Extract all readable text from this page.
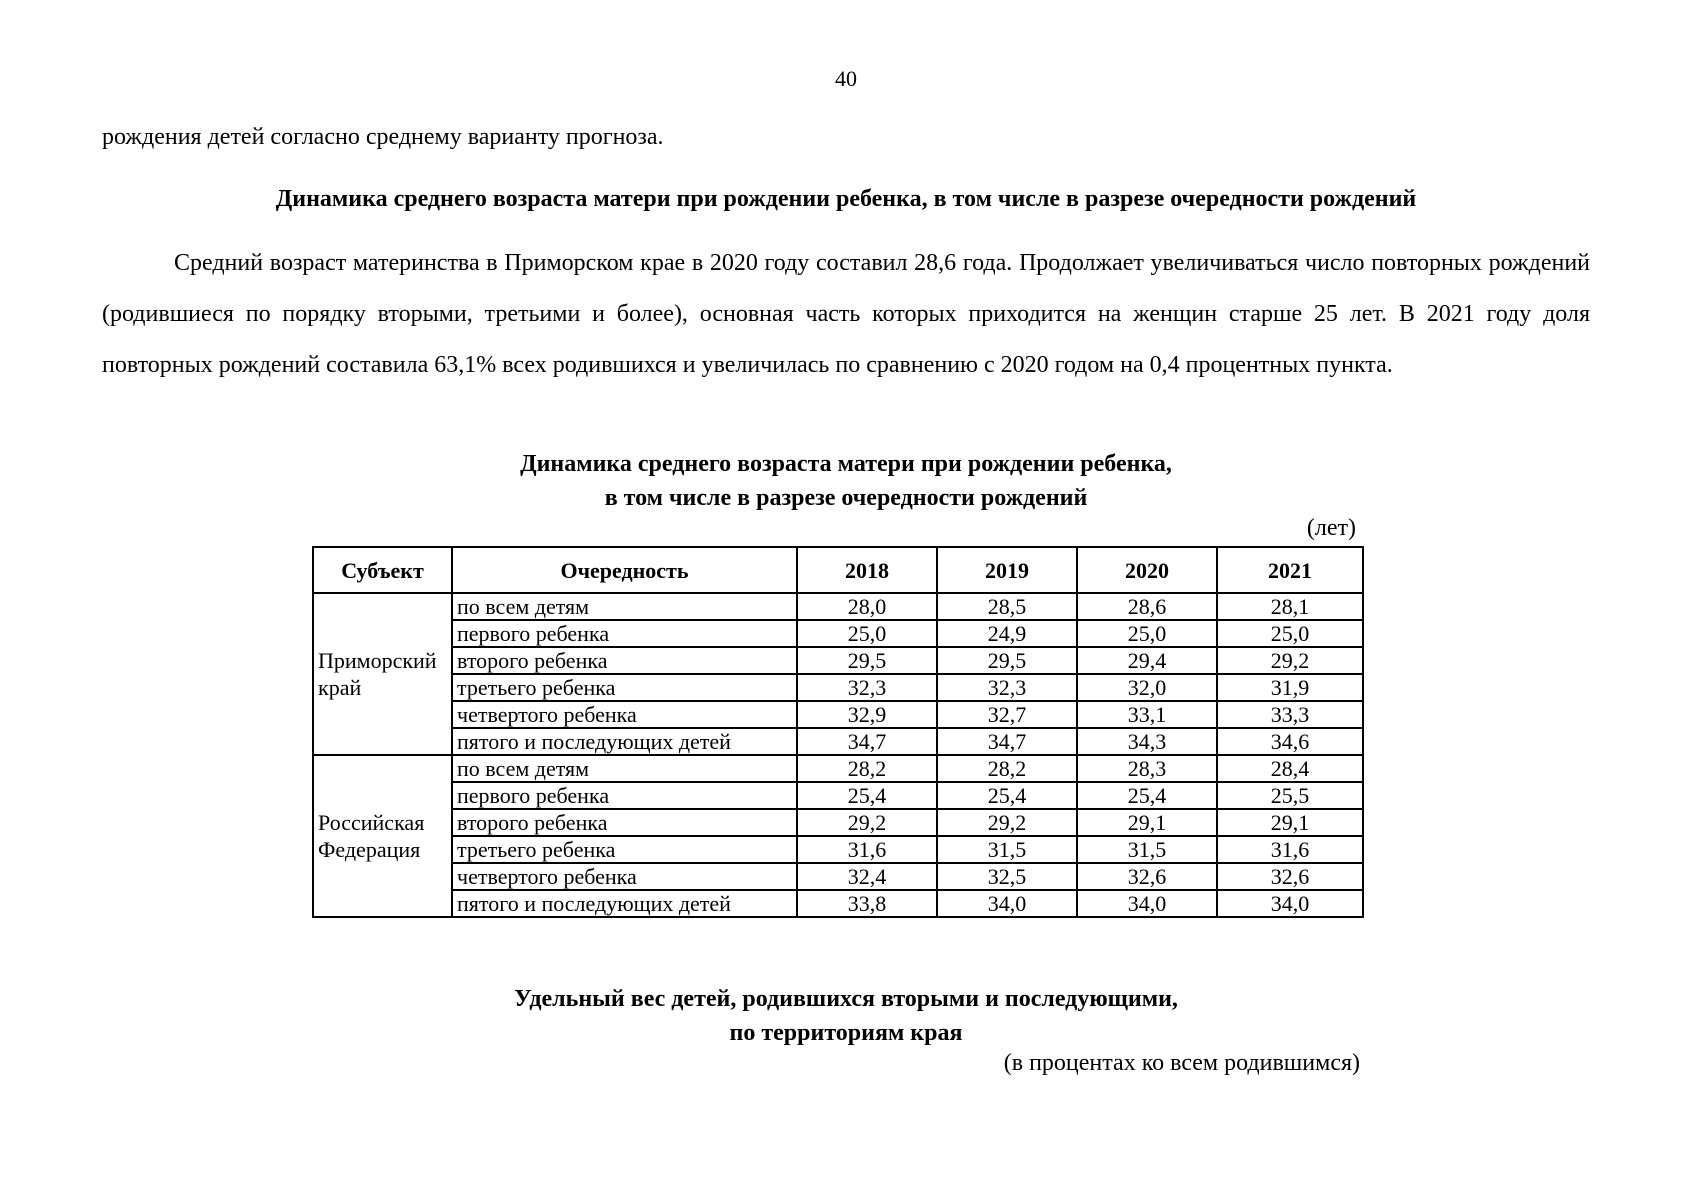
40
рождения детей согласно среднему варианту прогноза.
Динамика среднего возраста матери при рождении ребенка, в том числе в разрезе очередности рождений

Средний возраст материнства в Приморском крае в 2020 году составил 28,6 года. Продолжает увеличиваться число повторных рождений (родившиеся по порядку вторыми, третьими и более), основная часть которых приходится на женщин старше 25 лет. В 2021 году доля повторных рождений составила 63,1% всех родившихся и увеличилась по сравнению с 2020 годом на 0,4 процентных пункта.

Динамика среднего возраста матери при рождении ребенка,
в том числе в разрезе очередности рождений
(лет)
Субъект	Очередность	2018	2019	2020	2021
Приморский край	по всем детям	28,0	28,5	28,6	28,1
	первого ребенка	25,0	24,9	25,0	25,0
	второго ребенка	29,5	29,5	29,4	29,2
	третьего ребенка	32,3	32,3	32,0	31,9
	четвертого ребенка	32,9	32,7	33,1	33,3
	пятого и последующих детей	34,7	34,7	34,3	34,6
Российская Федерация	по всем детям	28,2	28,2	28,3	28,4
	первого ребенка	25,4	25,4	25,4	25,5
	второго ребенка	29,2	29,2	29,1	29,1
	третьего ребенка	31,6	31,5	31,5	31,6
	четвертого ребенка	32,4	32,5	32,6	32,6
	пятого и последующих детей	33,8	34,0	34,0	34,0
Удельный вес детей, родившихся вторыми и последующими,
по территориям края
(в процентах ко всем родившимся)
